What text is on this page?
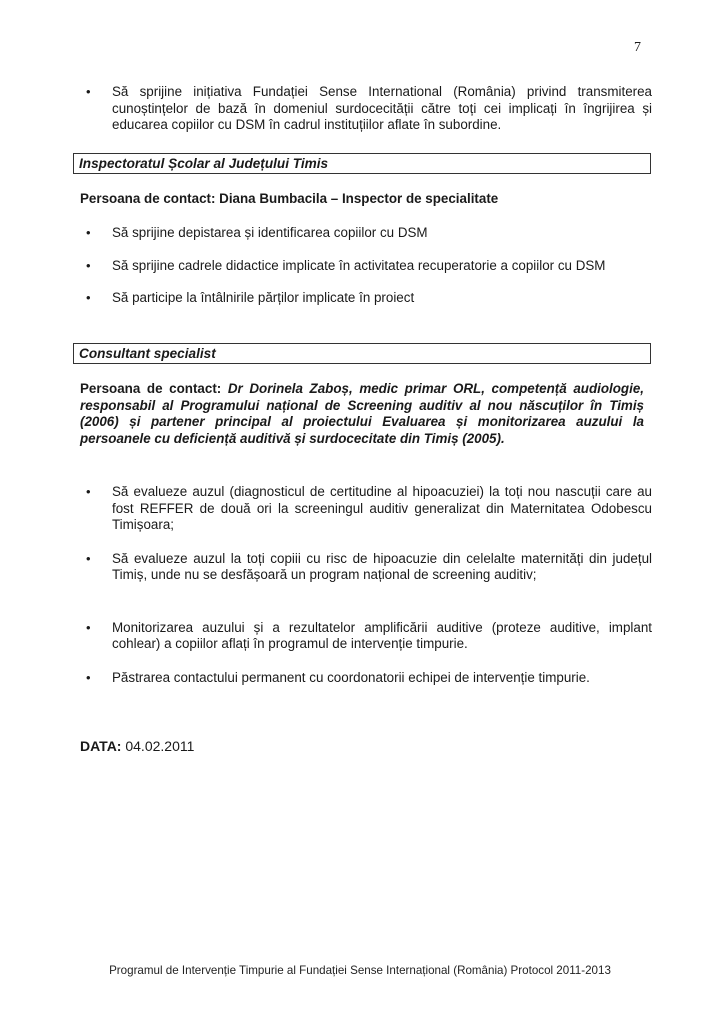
7
• Să sprijine inițiativa Fundației Sense International (România) privind transmiterea cunoștințelor de bază în domeniul surdocecității către toți cei implicați în îngrijirea și educarea copiilor cu DSM în cadrul instituțiilor aflate în subordine.
Inspectoratul Școlar al Județului Timis
Persoana de contact: Diana Bumbacila – Inspector de specialitate
• Să sprijine depistarea și identificarea copiilor cu DSM
• Să sprijine cadrele didactice implicate în activitatea recuperatorie a copiilor cu DSM
• Să participe la întâlnirile părților implicate în proiect
Consultant specialist
Persoana de contact: Dr Dorinela Zaboș, medic primar ORL, competență audiologie, responsabil al Programului național de Screening auditiv al nou născuților în Timiș (2006) și partener principal al proiectului Evaluarea și monitorizarea auzului la persoanele cu deficiență auditivă și surdocecitate din Timiș (2005).
• Să evalueze auzul (diagnosticul de certitudine al hipoacuziei) la toți nou nascuții care au fost REFFER de două ori la screeningul auditiv generalizat din Maternitatea Odobescu Timișoara;
• Să evalueze auzul la toți copiii cu risc de hipoacuzie din celelalte maternități din județul Timiș, unde nu se desfășoară un program național de screening auditiv;
• Monitorizarea auzului și a rezultatelor amplificării auditive (proteze auditive, implant cohlear) a copiilor aflați în programul de intervenție timpurie.
• Păstrarea contactului permanent cu coordonatorii echipei de intervenție timpurie.
DATA: 04.02.2011
Programul de Intervenție Timpurie al Fundației Sense Internațional (România) Protocol 2011-2013
